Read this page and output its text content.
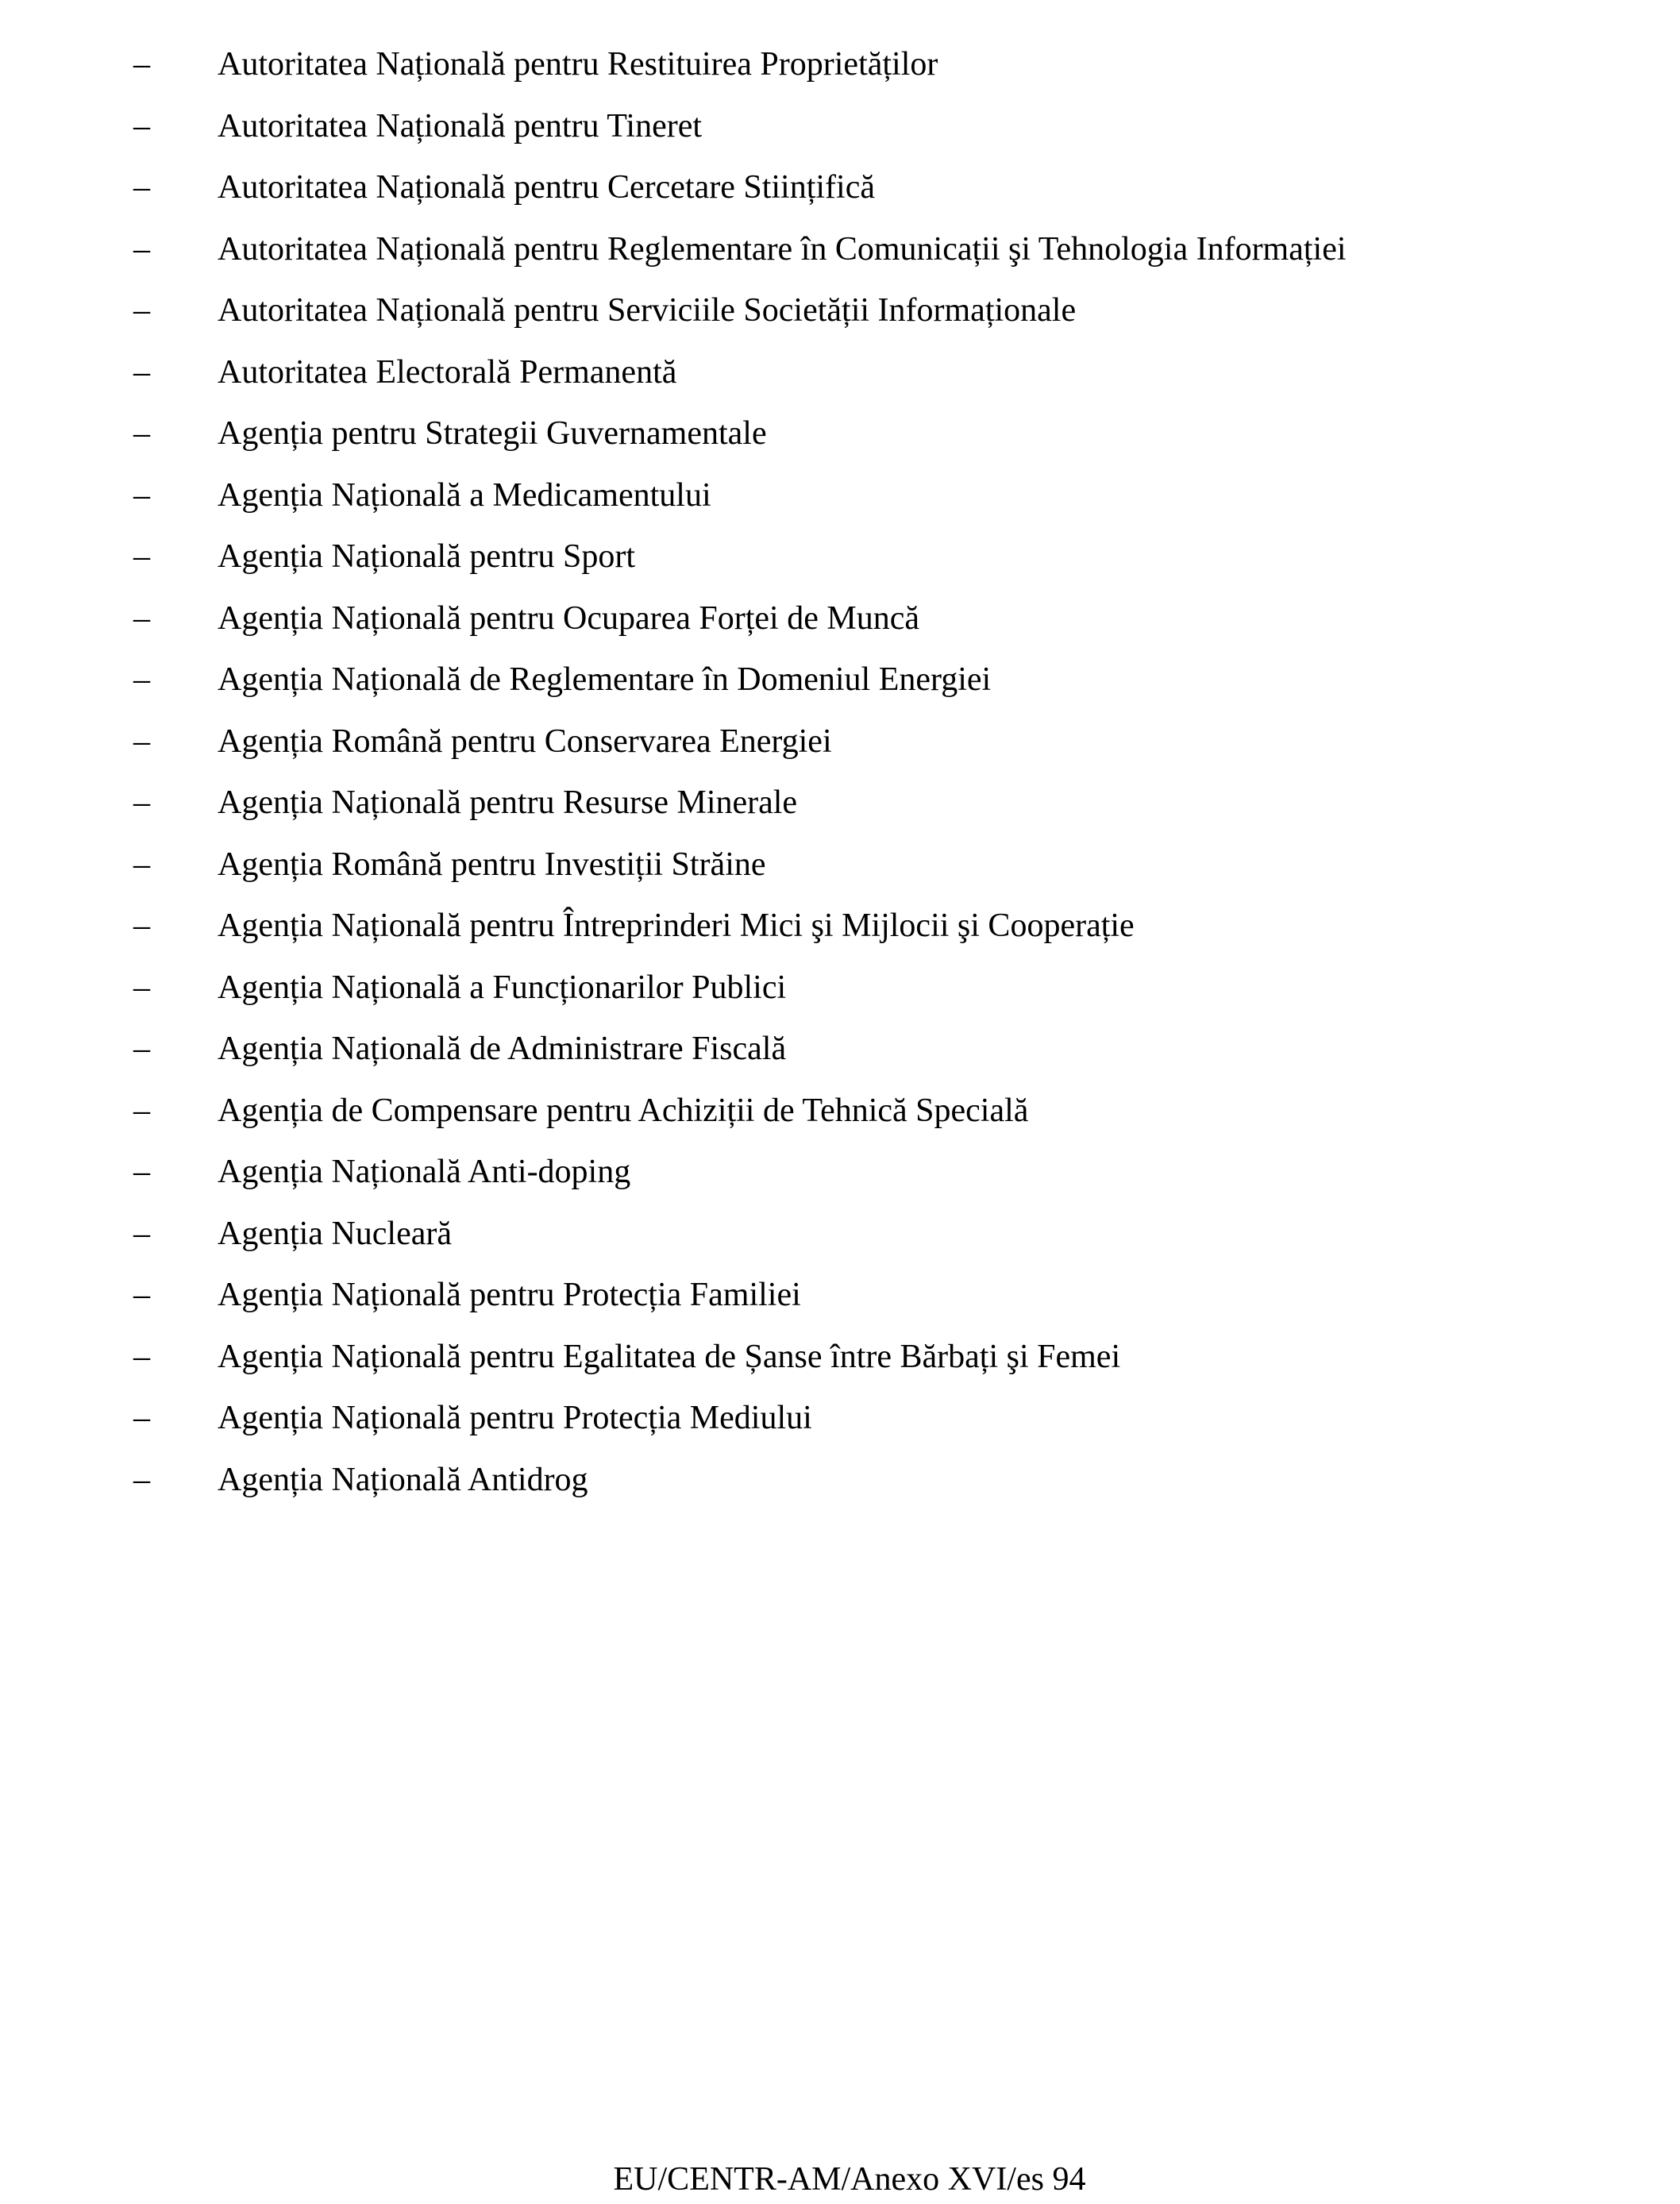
– Autoritatea Națională pentru Restituirea Proprietăților
– Autoritatea Națională pentru Tineret
– Autoritatea Națională pentru Cercetare Stiințifică
– Autoritatea Națională pentru Reglementare în Comunicații şi Tehnologia Informației
– Autoritatea Națională pentru Serviciile Societății Informaționale
– Autoritatea Electorală Permanentă
– Agenția pentru Strategii Guvernamentale
– Agenția Națională a Medicamentului
– Agenția Națională pentru Sport
– Agenția Națională pentru Ocuparea Forței de Muncă
– Agenția Națională de Reglementare în Domeniul Energiei
– Agenția Română pentru Conservarea Energiei
– Agenția Națională pentru Resurse Minerale
– Agenția Română pentru Investiții Străine
– Agenția Națională pentru Întreprinderi Mici şi Mijlocii şi Cooperație
– Agenția Națională a Funcționarilor Publici
– Agenția Națională de Administrare Fiscală
– Agenția de Compensare pentru Achiziții de Tehnică Specială
– Agenția Națională Anti-doping
– Agenția Nucleară
– Agenția Națională pentru Protecția Familiei
– Agenția Națională pentru Egalitatea de Șanse între Bărbați şi Femei
– Agenția Națională pentru Protecția Mediului
– Agenția Națională Antidrog
EU/CENTR-AM/Anexo XVI/es 94
